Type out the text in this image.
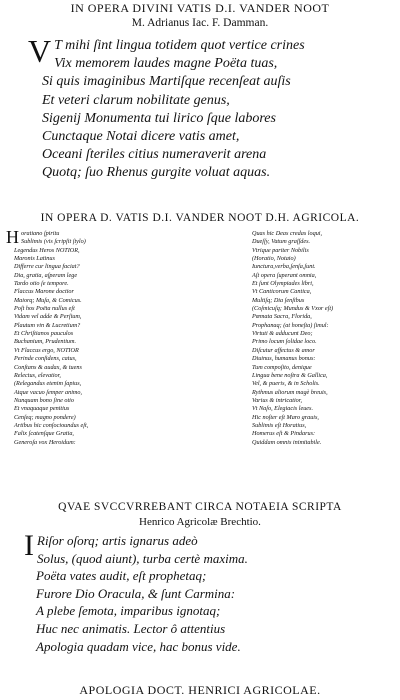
IN OPERA DIVINI VATIS D.I. VANDER NOOT
M. Adrianus Iac. F. Damman.
V T mihi ſint lingua totidem quot vertice crines
Vix memorem laudes magne Poëta tuas,
Si quis imaginibus Martiſque recenſeat auſis
Et veteri clarum nobilitate genus,
Sigenij Monumenta tui lirico ſque labores
Cunctaque Notai dicere vatis amet,
Oceani ſteriles citius numeraverit arena
Quotq; ſuo Rhenus gurgite voluat aquas.
IN OPERA D. VATIS D.I. VANDER NOOT D.H. AGRICOLA.
H oratiano ſpiritu
Sublimis (vis ſcripſit ſtylo)
Legendus Heros NOTIOR,
Maronis Latinus
Differre cur lingua faciat?
Dia, gratia, aſperam lege
Tardo otio ſe tempore.
Flaccus Marone doctior
Maiorq; Muſa, & Comicus.
Poſt hos Poëta nullus eſt
Vidam vel adde & Perſium,
Plautum vin & Lucretium?
Et Chriſtianos pauculos
Buchanium, Prudentium.
Vt Flaccus ergo, NOTIOR
Perinde conſidens, catus,
Conſtans & audax, & tuens
Relectus, elevatior,
(Relegandus etenim ſapius,
Atque vacuo ſemper animo,
Nunquam bono ſine otio
Et vnaquaque penitius
Cenſeq; magno pondere)
Artibus hic conſocioundus eſt,
Falix ſcatenſque Gratia,
Generoſa vox Heroidum:
Quas hic Deas credas loqui,
Dueſſy, Vatum graſſdes.
Vtrique pariter Nobilis
(Horatio, Notaio)
Iunctura,verba,ſenſa,ſunt.
Aſt opera ſuperant omnia,
Et ſunt Olympiades libri,
Vt Canticorum Cantica,
Multiſq; Dia ſenſibus
(Coſmicuſq; Mundus & Vxor eſt)
Pœmata Sacra, Florida,
Prophanaq; (at honeſta) ſimul:
Virtuti & adducunt Deo;
Primo locum ſolidae loco.
Diſcutur affectus & amor
Diuinus, humanus bonus:
Tum compoſito, denique
Lingua bene noſtra & Gallica,
Vel, & pueris, & in Scholis.
Rythmus aliorum magè breuis,
Varius & intricatior,
Vt Naſo, Elegiacis leues.
Hic noſter eſt Maro grauis,
Sublimis eſt Horatius,
Homerus eſt & Pindarus:
Quiddam omnis inimitabile.
QVAE SVCCVRREBANT CIRCA NOTAEIA SCRIPTA
Henrico Agricolæ Brechtio.
I Riſor oſorq; artis ignarus adeò
Solus, (quod aiunt), turba certè maxima.
Poëta vates audit, eſt prophetaq;
Furore Dio Oracula, & ſunt Carmina:
A plebe ſemota, imparibus ignotaq;
Huc nec animatis. Lector ô attentius
Apologia quadam vice, hac bonus vide.
APOLOGIA DOCT. HENRICI AGRICOLAE.
